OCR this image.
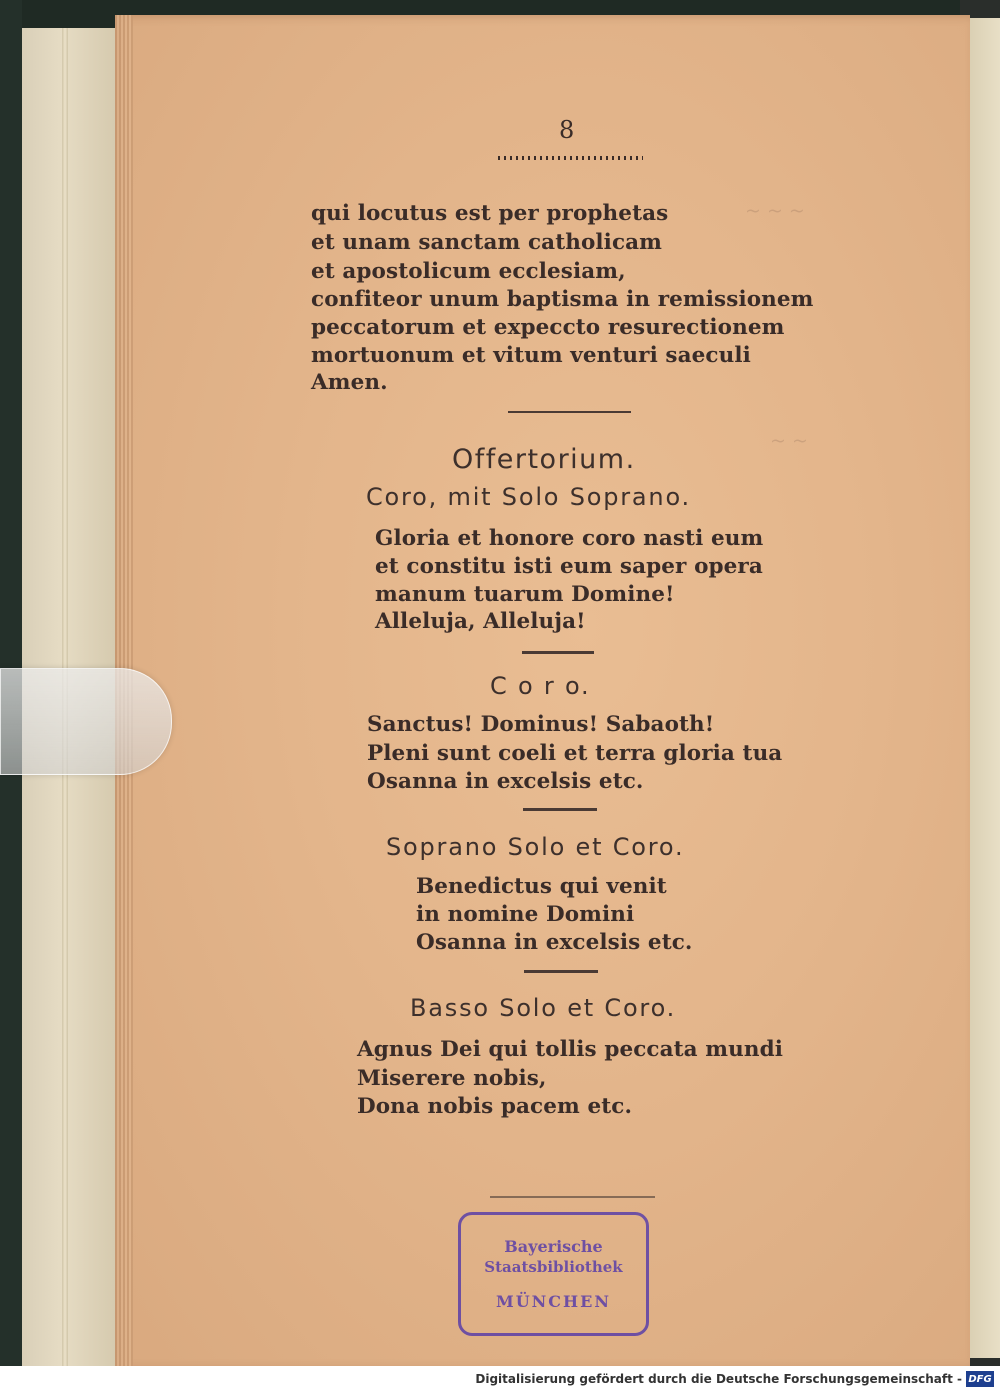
~ ~ ~
~ ~
8
qui locutus est per prophetas
et unam sanctam catholicam
et apostolicum ecclesiam,
confiteor unum baptisma in remissionem
peccatorum et expeccto resurectionem
mortuonum et vitum venturi saeculi
Amen.
Offertorium.
Coro, mit Solo Soprano.
Gloria et honore coro nasti eum
et constitu isti eum saper opera
manum tuarum Domine!
Alleluja, Alleluja!
C o r o.
Sanctus! Dominus! Sabaoth!
Pleni sunt coeli et terra gloria tua
Osanna in excelsis etc.
Soprano Solo et Coro.
Benedictus qui venit
in nomine Domini
Osanna in excelsis etc.
Basso Solo et Coro.
Agnus Dei qui tollis peccata mundi
Miserere nobis,
Dona nobis pacem etc.
Bayerische
Staatsbibliothek
MÜNCHEN
Digitalisierung gefördert durch die Deutsche Forschungsgemeinschaft - DFG
